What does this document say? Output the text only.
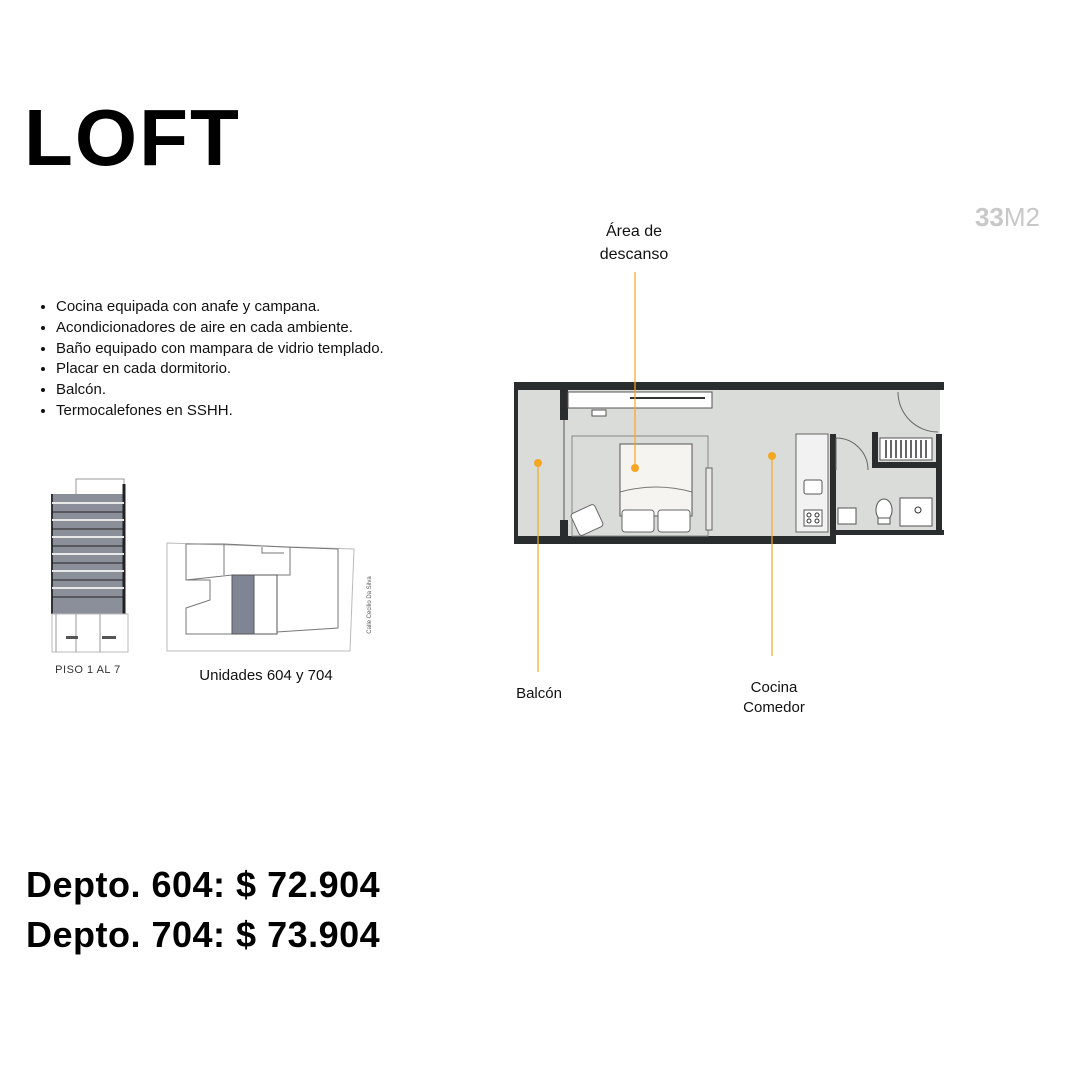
LOFT
33M2
• Cocina equipada con anafe y campana.
• Acondicionadores de aire en cada ambiente.
• Baño equipado con mampara de vidrio templado.
• Placar en cada dormitorio.
• Balcón.
• Termocalefones en SSHH.
PISO 1 AL 7	Unidades 604 y 704
Calle Cecilio Da Silva
Área de
descanso
Balcón	Cocina
Comedor
Depto. 604: $ 72.904
Depto. 704: $ 73.904
